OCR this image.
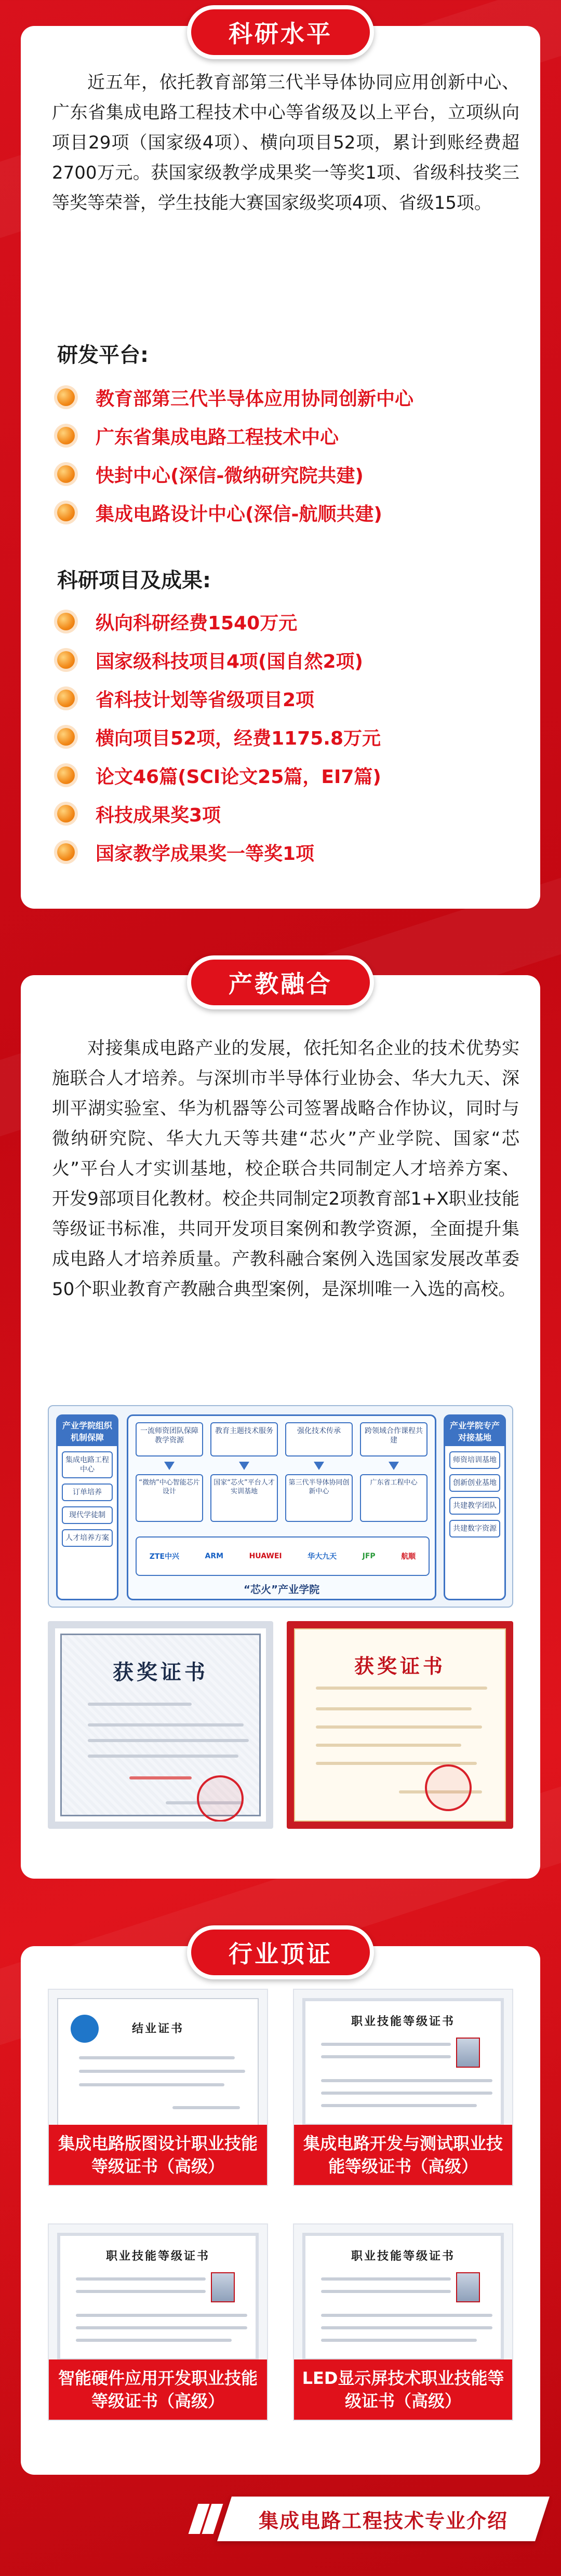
近五年，依托教育部第三代半导体协同应用创新中心、广东省集成电路工程技术中心等省级及以上平台，立项纵向项目29项（国家级4项）、横向项目52项，累计到账经费超2700万元。获国家级教学成果奖一等奖1项、省级科技奖三等奖等荣誉，学生技能大赛国家级奖项4项、省级15项。
研发平台:
教育部第三代半导体应用协同创新中心
广东省集成电路工程技术中心
快封中心(深信-微纳研究院共建)
集成电路设计中心(深信-航顺共建)
科研项目及成果:
纵向科研经费1540万元
国家级科技项目4项(国自然2项)
省科技计划等省级项目2项
横向项目52项，经费1175.8万元
论文46篇(SCI论文25篇，EI7篇)
科技成果奖3项
国家教学成果奖一等奖1项
科研水平
对接集成电路产业的发展，依托知名企业的技术优势实施联合人才培养。与深圳市半导体行业协会、华大九天、深圳平湖实验室、华为机器等公司签署战略合作协议，同时与微纳研究院、华大九天等共建“芯火”产业学院、国家“芯火”平台人才实训基地，校企联合共同制定人才培养方案、开发9部项目化教材。校企共同制定2项教育部1+X职业技能等级证书标准，共同开发项目案例和教学资源，全面提升集成电路人才培养质量。产教科融合案例入选国家发展改革委50个职业教育产教融合典型案例，是深圳唯一入选的高校。
产业学院组织机制保障
集成电路工程中心
订单培养
现代学徒制
人才培养方案
一流师资团队保障教学资源
教育主题技术服务	强化技术传承	跨领域合作课程共建
“微纳”中心智能芯片设计
国家“芯火”平台人才实训基地
第三代半导体协同创新中心
广东省工程中心
ZTE中兴	ARM	HUAWEI	华大九天	JFP	航顺
“芯火”产业学院
产业学院专产对接基地
师资培训基地
创新创业基地
共建教学团队
共建数字资源
获奖证书	获奖证书
产教融合
结业证书
集成电路版图设计职业技能等级证书（高级）
职业技能等级证书
集成电路开发与测试职业技能等级证书（高级）
职业技能等级证书
智能硬件应用开发职业技能等级证书（高级）
职业技能等级证书
LED显示屏技术职业技能等级证书（高级）
行业顶证
集成电路工程技术专业介绍
